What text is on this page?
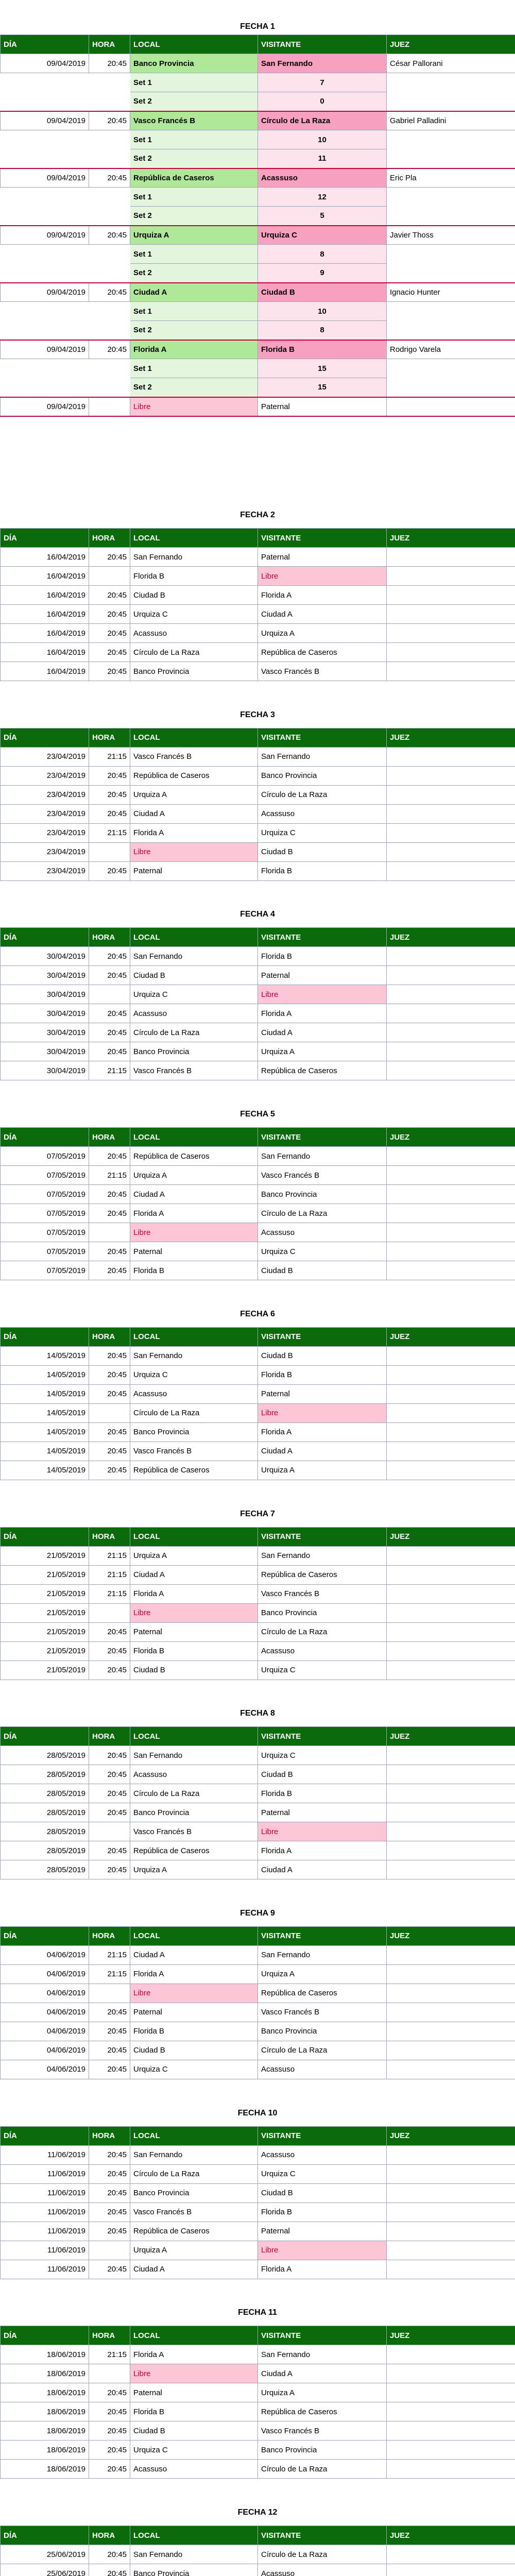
FECHA 1
DÍA	HORA	LOCAL	VISITANTE	JUEZ
09/04/2019	20:45	Banco Provincia	San Fernando	César Pallorani
		Set 1	7	
		Set 2	0	
09/04/2019	20:45	Vasco Francés B	Círculo de La Raza	Gabriel Palladini
		Set 1	10	
		Set 2	11	
09/04/2019	20:45	República de Caseros	Acassuso	Eric Pla
		Set 1	12	
		Set 2	5	
09/04/2019	20:45	Urquiza A	Urquiza C	Javier Thoss
		Set 1	8	
		Set 2	9	
09/04/2019	20:45	Ciudad A	Ciudad B	Ignacio Hunter
		Set 1	10	
		Set 2	8	
09/04/2019	20:45	Florida A	Florida B	Rodrigo Varela
		Set 1	15	
		Set 2	15	
09/04/2019		Libre	Paternal	
FECHA 2
DÍA	HORA	LOCAL	VISITANTE	JUEZ
16/04/2019	20:45	San Fernando	Paternal	
16/04/2019		Florida B	Libre	
16/04/2019	20:45	Ciudad B	Florida A	
16/04/2019	20:45	Urquiza C	Ciudad A	
16/04/2019	20:45	Acassuso	Urquiza A	
16/04/2019	20:45	Círculo de La Raza	República de Caseros	
16/04/2019	20:45	Banco Provincia	Vasco Francés B	
FECHA 3
DÍA	HORA	LOCAL	VISITANTE	JUEZ
23/04/2019	21:15	Vasco Francés B	San Fernando	
23/04/2019	20:45	República de Caseros	Banco Provincia	
23/04/2019	20:45	Urquiza A	Círculo de La Raza	
23/04/2019	20:45	Ciudad A	Acassuso	
23/04/2019	21:15	Florida A	Urquiza C	
23/04/2019		Libre	Ciudad B	
23/04/2019	20:45	Paternal	Florida B	
FECHA 4
DÍA	HORA	LOCAL	VISITANTE	JUEZ
30/04/2019	20:45	San Fernando	Florida B	
30/04/2019	20:45	Ciudad B	Paternal	
30/04/2019		Urquiza C	Libre	
30/04/2019	20:45	Acassuso	Florida A	
30/04/2019	20:45	Círculo de La Raza	Ciudad A	
30/04/2019	20:45	Banco Provincia	Urquiza A	
30/04/2019	21:15	Vasco Francés B	República de Caseros	
FECHA 5
DÍA	HORA	LOCAL	VISITANTE	JUEZ
07/05/2019	20:45	República de Caseros	San Fernando	
07/05/2019	21:15	Urquiza A	Vasco Francés B	
07/05/2019	20:45	Ciudad A	Banco Provincia	
07/05/2019	20:45	Florida A	Círculo de La Raza	
07/05/2019		Libre	Acassuso	
07/05/2019	20:45	Paternal	Urquiza C	
07/05/2019	20:45	Florida B	Ciudad B	
FECHA 6
DÍA	HORA	LOCAL	VISITANTE	JUEZ
14/05/2019	20:45	San Fernando	Ciudad B	
14/05/2019	20:45	Urquiza C	Florida B	
14/05/2019	20:45	Acassuso	Paternal	
14/05/2019		Círculo de La Raza	Libre	
14/05/2019	20:45	Banco Provincia	Florida A	
14/05/2019	20:45	Vasco Francés B	Ciudad A	
14/05/2019	20:45	República de Caseros	Urquiza A	
FECHA 7
DÍA	HORA	LOCAL	VISITANTE	JUEZ
21/05/2019	21:15	Urquiza A	San Fernando	
21/05/2019	21:15	Ciudad A	República de Caseros	
21/05/2019	21:15	Florida A	Vasco Francés B	
21/05/2019		Libre	Banco Provincia	
21/05/2019	20:45	Paternal	Círculo de La Raza	
21/05/2019	20:45	Florida B	Acassuso	
21/05/2019	20:45	Ciudad B	Urquiza C	
FECHA 8
DÍA	HORA	LOCAL	VISITANTE	JUEZ
28/05/2019	20:45	San Fernando	Urquiza C	
28/05/2019	20:45	Acassuso	Ciudad B	
28/05/2019	20:45	Círculo de La Raza	Florida B	
28/05/2019	20:45	Banco Provincia	Paternal	
28/05/2019		Vasco Francés B	Libre	
28/05/2019	20:45	República de Caseros	Florida A	
28/05/2019	20:45	Urquiza A	Ciudad A	
FECHA 9
DÍA	HORA	LOCAL	VISITANTE	JUEZ
04/06/2019	21:15	Ciudad A	San Fernando	
04/06/2019	21:15	Florida A	Urquiza A	
04/06/2019		Libre	República de Caseros	
04/06/2019	20:45	Paternal	Vasco Francés B	
04/06/2019	20:45	Florida B	Banco Provincia	
04/06/2019	20:45	Ciudad B	Círculo de La Raza	
04/06/2019	20:45	Urquiza C	Acassuso	
FECHA 10
DÍA	HORA	LOCAL	VISITANTE	JUEZ
11/06/2019	20:45	San Fernando	Acassuso	
11/06/2019	20:45	Círculo de La Raza	Urquiza C	
11/06/2019	20:45	Banco Provincia	Ciudad B	
11/06/2019	20:45	Vasco Francés B	Florida B	
11/06/2019	20:45	República de Caseros	Paternal	
11/06/2019		Urquiza A	Libre	
11/06/2019	20:45	Ciudad A	Florida A	
FECHA 11
DÍA	HORA	LOCAL	VISITANTE	JUEZ
18/06/2019	21:15	Florida A	San Fernando	
18/06/2019		Libre	Ciudad A	
18/06/2019	20:45	Paternal	Urquiza A	
18/06/2019	20:45	Florida B	República de Caseros	
18/06/2019	20:45	Ciudad B	Vasco Francés B	
18/06/2019	20:45	Urquiza C	Banco Provincia	
18/06/2019	20:45	Acassuso	Círculo de La Raza	
FECHA 12
DÍA	HORA	LOCAL	VISITANTE	JUEZ
25/06/2019	20:45	San Fernando	Círculo de La Raza	
25/06/2019	20:45	Banco Provincia	Acassuso	
